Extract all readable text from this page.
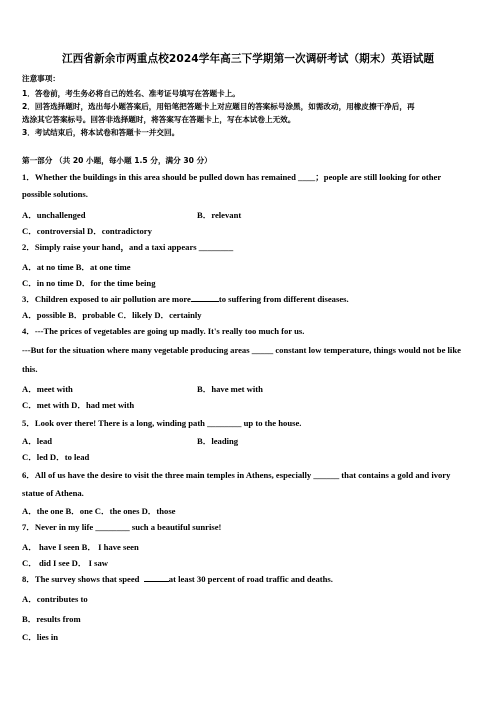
江西省新余市两重点校2024学年高三下学期第一次调研考试（期末）英语试题
注意事项：
1．答卷前，考生务必将自己的姓名、准考证号填写在答题卡上。
2．回答选择题时，选出每小题答案后，用铅笔把答题卡上对应题目的答案标号涂黑，如需改动，用橡皮擦干净后，再
选涂其它答案标号。回答非选择题时，将答案写在答题卡上，写在本试卷上无效。
3．考试结束后，将本试卷和答题卡一并交回。
第一部分 （共 20 小题，每小题 1.5 分，满分 30 分）
1．Whether the buildings in this area should be pulled down has remained ____；people are still looking for other
possible solutions.
A．unchallenged	B．relevant
C．controversial D．contradictory
2．Simply raise your hand，and a taxi appears ________
A．at no time B．at one time
C．in no time D．for the time being
3．Children exposed to air pollution are more	to suffering from different diseases.
A．possible B．probable C．likely D．certainly
4．---The prices of vegetables are going up madly. It's really too much for us.
---But for the situation where many vegetable producing areas _____ constant low temperature, things would not be like
this.
A．meet with	B．have met with
C．met with D．had met with
5．Look over there! There is a long, winding path ________ up to the house.
A．lead	B．leading
C．led D．to lead
6．All of us have the desire to visit the three main temples in Athens, especially ______ that contains a gold and ivory
statue of Athena.
A．the one B．one C．the ones D．those
7．Never in my life ________ such a beautiful sunrise!
A． have I seen B． I have seen
C． did I see D． I saw
8．The survey shows that speed	at least 30 percent of road traffic and deaths.
A．contributes to
B．results from
C．lies in
